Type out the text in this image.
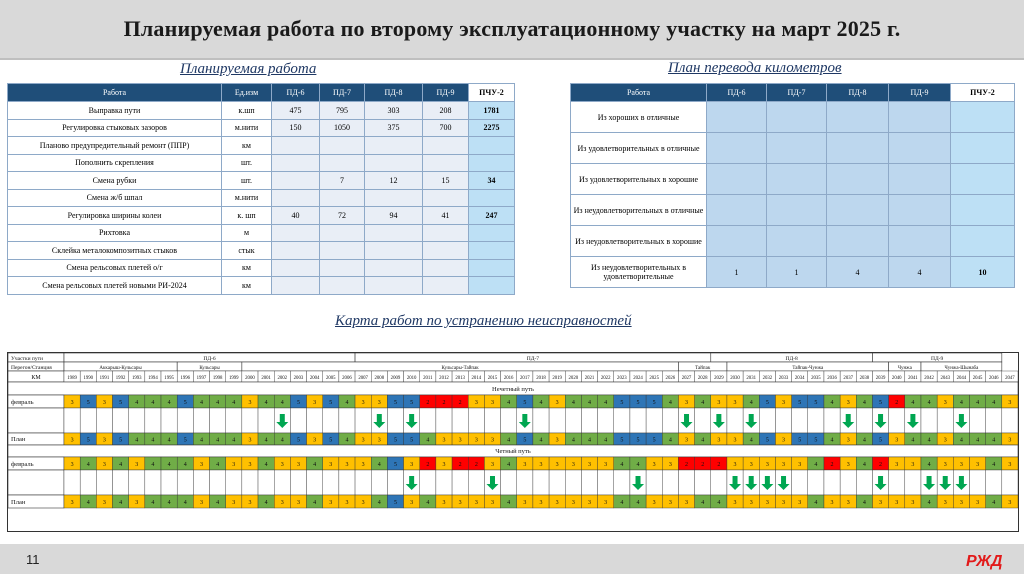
Планируемая работа по второму эксплуатационному участку на март 2025 г.
Планируемая работа	План перевода километров
Работа	Ед.изм	ПД-6	ПД-7	ПД-8	ПД-9	ПЧУ-2
Выправка пути	к.шп	475	795	303	208	1781
Регулировка стыковых зазоров	м.нити	150	1050	375	700	2275
Планово предупредительный ремонт (ППР)	км					
Пополнить скрепления	шт.					
Смена рубки	шт.		7	12	15	34
Смена ж/б шпал	м.нити					
Регулировка ширины колеи	к. шп	40	72	94	41	247
Рихтовка	м					
Склейка металокомпозитных стыков	стык					
Смена рельсовых плетей о/г	км					
Смена рельсовых плетей новыми РИ-2024	км					
Работа	ПД-6	ПД-7	ПД-8	ПД-9	ПЧУ-2
Из хороших в отличные					
Из удовлетворительных в отличные					
Из удовлетворительных в хорошие					
Из неудовлетворительных в отличные					
Из неудовлетворительных в хорошие					
Из неудовлетворительных в удовлетворительные	1	1	4	4	10
Карта работ по устранению неисправностей
Участки пути	ПД-6	ПД-7	ПД-8	ПД-9
Перегон/Станция	Аккарыш-Кульсары	Кульсары	Кульсары-Тайпак	Тайпак	Тайпак-Чунжа	Чунжа	Чунжа-Шынаба
КМ	1989 1990 1991 1992 1993 1994 1995 1996 1997 1998 1999 2000 2001 2002 2003 2004 2005 2006 2007 2008 2009 2010 2011 2012 2013 2014 2015 2016 2017 2018 2019 2020 2021 2022 2023 2024 2025 2026 2027 2028 2029 2030 2031 2032 2033 2034 2035 2036 2037 2038 2039 2040 2041 2042 2043 2044 2045 2046 2047
Нечетный путь
февраль	3 5 3 5 4 4 4 5 4 4 4 3 4 4 5 3 5 4 3 3 5 5 2 2 2 3 3 4 5 4 3 4 4 4 5 5 5 4 3 4 3 3 4 5 3 5 5 4 3 4 5 2 4 4 3 4 4 4 3
План	3 5 3 5 4 4 4 5 4 4 4 3 4 4 5 3 5 4 3 3 5 5 4 3 3 3 3 4 5 4 3 4 4 4 5 5 5 4 3 4 3 3 4 5 3 5 5 4 3 4 5 3 4 4 3 4 4 4 3
Четный путь
февраль	3 4 3 4 3 4 4 4 3 4 3 3 4 3 3 4 3 3 3 4 5 3 2 3 2 2 3 4 3 3 3 3 3 3 4 4 3 3 2 2 2 3 3 3 3 3 4 2 3 4 2 3 3 4 3 3 3 4 3
План	3 4 3 4 3 4 4 4 3 4 3 3 4 3 3 4 3 3 3 4 5 3 4 3 3 3 3 4 3 3 3 3 3 3 4 4 3 3 3 4 4 3 3 3 3 3 4 3 3 4 3 3 3 4 3 3 3 4 3
11	РЖД
